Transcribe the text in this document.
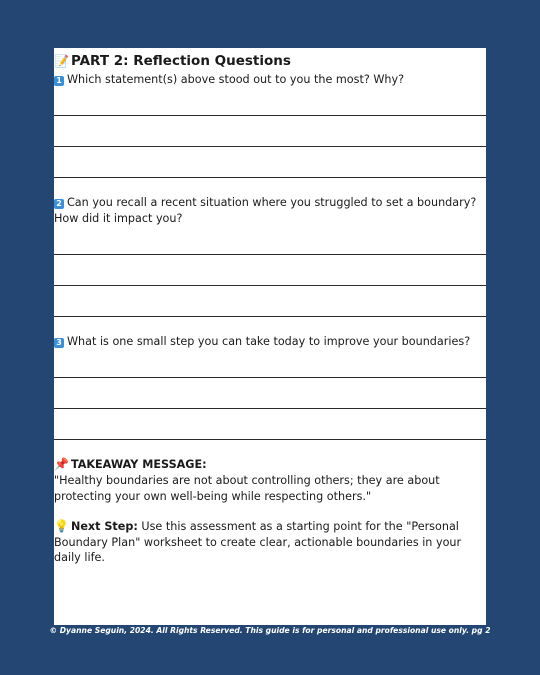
📝 PART 2: Reflection Questions
1 Which statement(s) above stood out to you the most? Why?
2 Can you recall a recent situation where you struggled to set a boundary? How did it impact you?
3 What is one small step you can take today to improve your boundaries?
📌 TAKEAWAY MESSAGE:
"Healthy boundaries are not about controlling others; they are about protecting your own well-being while respecting others."
💡 Next Step: Use this assessment as a starting point for the "Personal Boundary Plan" worksheet to create clear, actionable boundaries in your daily life.
© Dyanne Seguin, 2024. All Rights Reserved. This guide is for personal and professional use only. pg 2
